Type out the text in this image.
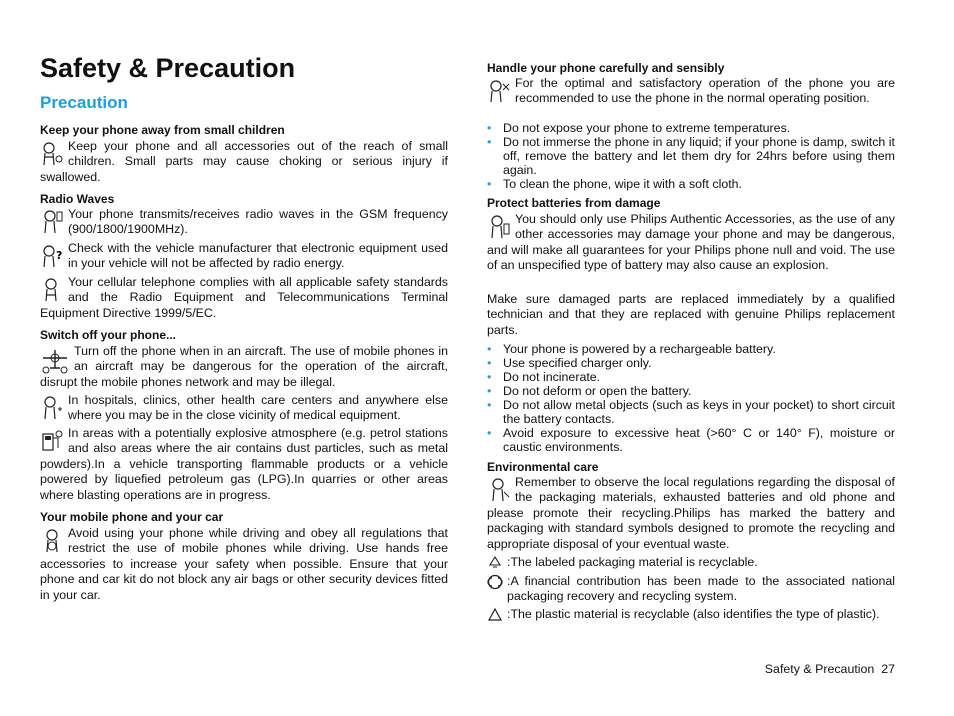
Safety & Precaution
Precaution
Keep your phone away from small children
Keep your phone and all accessories out of the reach of small children. Small parts may cause choking or serious injury if swallowed.
Radio Waves
Your phone transmits/receives radio waves in the GSM frequency (900/1800/1900MHz).
?
Check with the vehicle manufacturer that electronic equipment used in your vehicle will not be affected by radio energy.
Your cellular telephone complies with all applicable safety standards and the Radio Equipment and Telecommunications Terminal Equipment Directive 1999/5/EC.
Switch off your phone...
Turn off the phone when in an aircraft. The use of mobile phones in an aircraft may be dangerous for the operation of the aircraft, disrupt the mobile phones network and may be illegal.
In hospitals, clinics, other health care centers and anywhere else where you may be in the close vicinity of medical equipment.
In areas with a potentially explosive atmosphere (e.g. petrol stations and also areas where the air contains dust particles, such as metal powders).In a vehicle transporting flammable products or a vehicle powered by liquefied petroleum gas (LPG).In quarries or other areas where blasting operations are in progress.
Your mobile phone and your car
Avoid using your phone while driving and obey all regulations that restrict the use of mobile phones while driving. Use hands free accessories to increase your safety when possible. Ensure that your phone and car kit do not block any air bags or other security devices fitted in your car.
Handle your phone carefully and sensibly
For the optimal and satisfactory operation of the phone you are recommended to use the phone in the normal operating position.
• Do not expose your phone to extreme temperatures.
• Do not immerse the phone in any liquid; if your phone is damp, switch it off, remove the battery and let them dry for 24hrs before using them again.
• To clean the phone, wipe it with a soft cloth.
Protect batteries from damage
You should only use Philips Authentic Accessories, as the use of any other accessories may damage your phone and may be dangerous, and will make all guarantees for your Philips phone null and void. The use of an unspecified type of battery may also cause an explosion.
Make sure damaged parts are replaced immediately by a qualified technician and that they are replaced with genuine Philips replacement parts.
• Your phone is powered by a rechargeable battery.
• Use specified charger only.
• Do not incinerate.
• Do not deform or open the battery.
• Do not allow metal objects (such as keys in your pocket) to short circuit the battery contacts.
• Avoid exposure to excessive heat (>60° C or 140° F), moisture or caustic environments.
Environmental care
Remember to observe the local regulations regarding the disposal of the packaging materials, exhausted batteries and old phone and please promote their recycling.Philips has marked the battery and packaging with standard symbols designed to promote the recycling and appropriate disposal of your eventual waste.
:The labeled packaging material is recyclable.
:A financial contribution has been made to the associated national packaging recovery and recycling system.
:The plastic material is recyclable (also identifies the type of plastic).
Safety & Precaution 27
